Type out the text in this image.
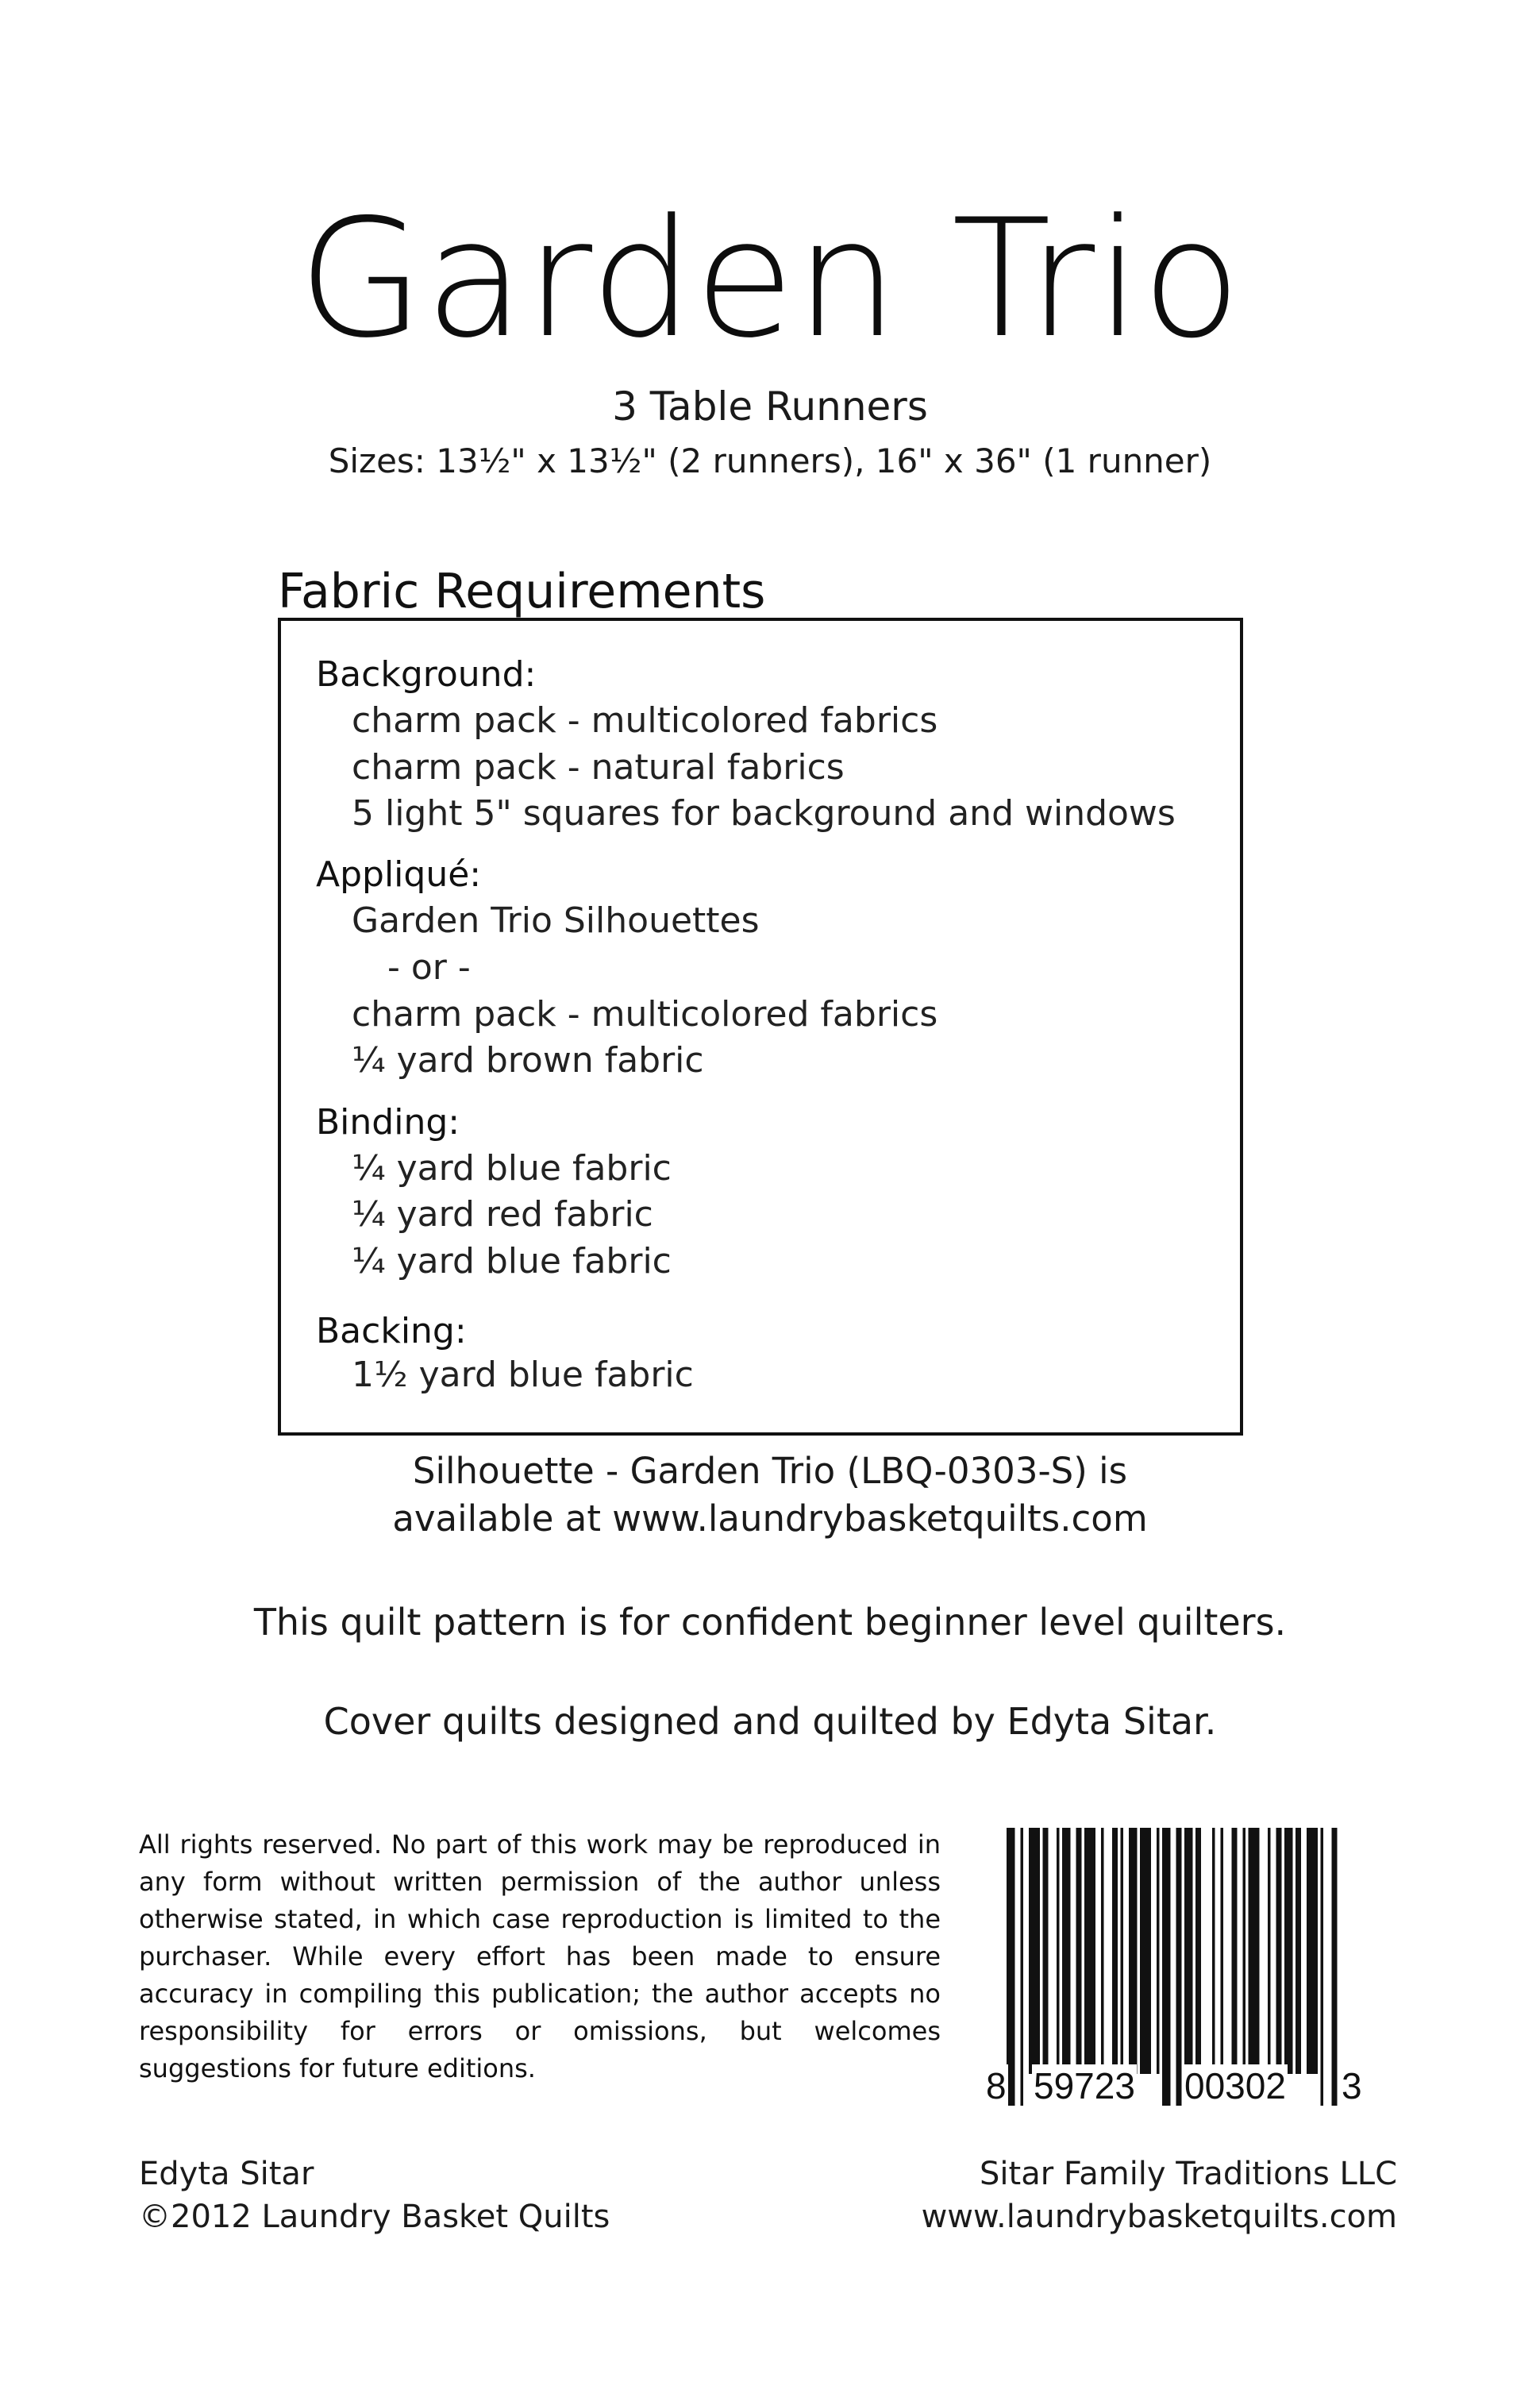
Garden Trio
3 Table Runners
Sizes: 13½" x 13½" (2 runners), 16" x 36" (1 runner)
Fabric Requirements
Background:
charm pack - multicolored fabrics
charm pack - natural fabrics
5 light 5" squares for background and windows
Appliqué:
Garden Trio Silhouettes
- or -
charm pack - multicolored fabrics
¼ yard brown fabric
Binding:
¼ yard blue fabric
¼ yard red fabric
¼ yard blue fabric
Backing:
1½ yard blue fabric
Silhouette - Garden Trio (LBQ-0303-S) is
available at www.laundrybasketquilts.com
This quilt pattern is for confident beginner level quilters.
Cover quilts designed and quilted by Edyta Sitar.
All rights reserved. No part of this work may be reproduced in any form without written permission of the author unless otherwise stated, in which case reproduction is limited to the purchaser. While every effort has been made to ensure accuracy in compiling this publication; the author accepts no responsibility for errors or omissions, but welcomes suggestions for future editions.	8 59723 00302 3
Edyta Sitar
©2012 Laundry Basket Quilts
Sitar Family Traditions LLC
www.laundrybasketquilts.com
